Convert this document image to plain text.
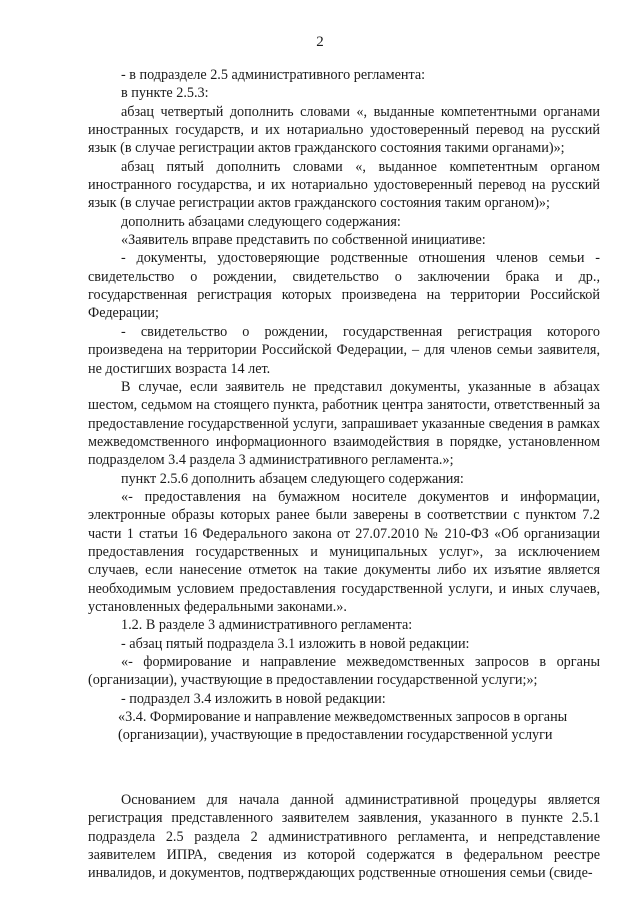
2

- в подразделе 2.5 административного регламента:

в пункте 2.5.3:

абзац четвертый дополнить словами «, выданные компетентными органами иностранных государств, и их нотариально удостоверенный перевод на русский язык (в случае регистрации актов гражданского состояния такими органами)»;

абзац пятый дополнить словами «, выданное компетентным органом иностранного государства, и их нотариально удостоверенный перевод на русский язык (в случае регистрации актов гражданского состояния таким органом)»;

дополнить абзацами следующего содержания:

«Заявитель вправе представить по собственной инициативе:

- документы, удостоверяющие родственные отношения членов семьи - свидетельство о рождении, свидетельство о заключении брака и др., государственная регистрация которых произведена на территории Российской Федерации;

- свидетельство о рождении, государственная регистрация которого произведена на территории Российской Федерации, – для членов семьи заявителя, не достигших возраста 14 лет.

В случае, если заявитель не представил документы, указанные в абзацах шестом, седьмом на стоящего пункта, работник центра занятости, ответственный за предоставление государственной услуги, запрашивает указанные сведения в рамках межведомственного информационного взаимодействия в порядке, установленном подразделом 3.4 раздела 3 административного регламента.»;

пункт 2.5.6 дополнить абзацем следующего содержания:

«- предоставления на бумажном носителе документов и информации, электронные образы которых ранее были заверены в соответствии с пунктом 7.2 части 1 статьи 16 Федерального закона от 27.07.2010 № 210-ФЗ «Об организации предоставления государственных и муниципальных услуг», за исключением случаев, если нанесение отметок на такие документы либо их изъятие является необходимым условием предоставления государственной услуги, и иных случаев, установленных федеральными законами.».

1.2. В разделе 3 административного регламента:

- абзац пятый подраздела 3.1 изложить в новой редакции:

«- формирование и направление межведомственных запросов в органы (организации), участвующие в предоставлении государственной услуги;»;

- подраздел 3.4 изложить в новой редакции:

«3.4. Формирование и направление межведомственных запросов в органы (организации), участвующие в предоставлении государственной услуги

Основанием для начала данной административной процедуры является регистрация представленного заявителем заявления, указанного в пункте 2.5.1 подраздела 2.5 раздела 2 административного регламента, и непредставление заявителем ИПРА, сведения из которой содержатся в федеральном реестре инвалидов, и документов, подтверждающих родственные отношения семьи (свиде-
